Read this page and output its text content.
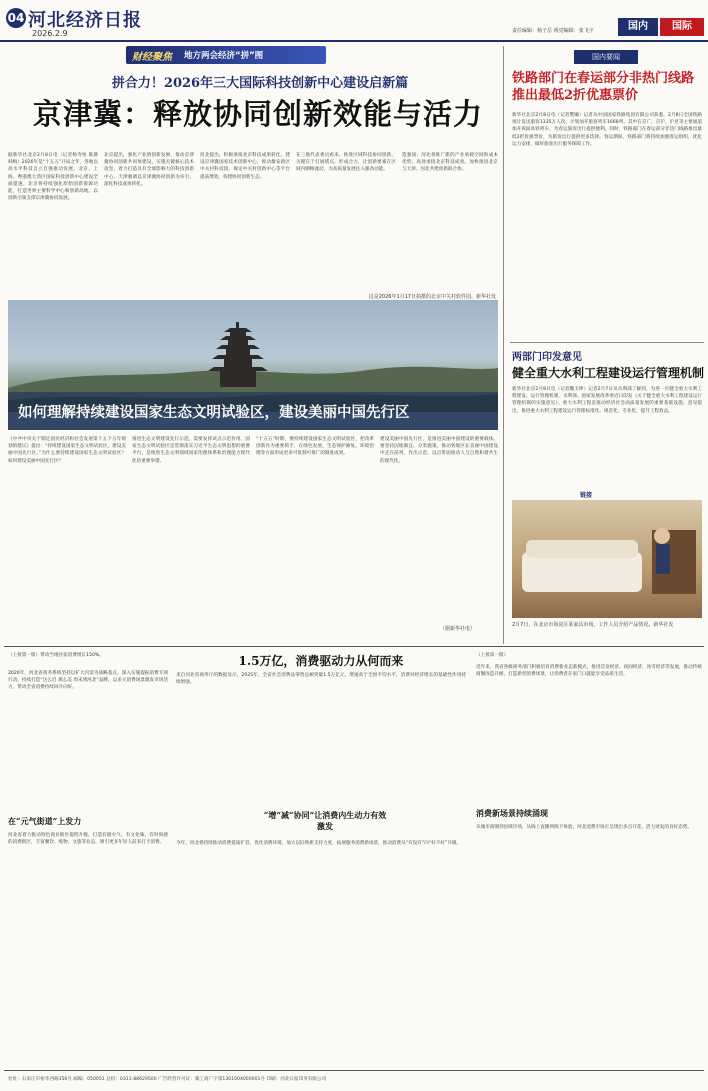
04 河北经济日报
2026.2.9	责任编辑：杨子岳 视觉编辑：张飞宇	国内	国际
财经聚焦 地方两会经济“拼”图
拼合力！2026年三大国际科技创新中心建设启新篇
京津冀：释放协同创新效能与活力
据新华社北京2月8日电（记者杨寿恒 陈静 韩梅）2026年是“十五五”开局之年，各地以高水平科技自立自强推动发展。北京、上海、粤港澳大湾区国际科技创新中心建设全面提速，北京将持续强化原始创新策源功能，打造世界主要科学中心和创新高地，以创新引领支撑京津冀协同发展。
北京提出，强化产业链创新发展，推动京津冀协同创新共同体建设，实施关键核心技术攻坚，着力打造具有全球影响力的科技创新中心。天津强调以京津冀协同创新为牵引，深化科技成果转化。
河北提出，积极承接北京科技成果转化，建设京津冀国家技术创新中心，推动雄安新区中关村科技园、保定中关村创新中心等平台提质增效，构建协同创新生态。
在三地代表委员看来，推进区域科技协同创新，关键在于打通堵点、形成合力，让创新要素在区域内顺畅流动，为高质量发展注入强劲动能。
造强国；河北将推广新的产业承载空间和成本优势，高效承接北京科技成果。加快推进北京与天津、河北共建创新联合体。
这是2026年1月17日拍摄的北京中关村软件园。新华社发
如何理解持续建设国家生态文明试验区，建设美丽中国先行区
《中共中央关于制定国民经济和社会发展第十五个五年规划的建议》提出：“持续建设国家生态文明试验区，建设美丽中国先行区。”为什么要持续建设国家生态文明试验区？如何建设美丽中国先行区？
推进生态文明建设先行示范，需要发挥试点示范作用。国家生态文明试验区是贯彻落实习近平生态文明思想的重要平台，是推进生态文明领域国家治理体系和治理能力现代化的重要举措。
“十五五”时期，要持续建设国家生态文明试验区，把改革创新作为重要抓手，在绿色发展、生态保护修复、环境治理等方面形成更多可复制可推广的制度成果。
建设美丽中国先行区，是推进美丽中国建设的重要载体。要坚持因地制宜、分类施策，推动各地区在美丽中国建设中走在前列、作出示范，以点带面推动人与自然和谐共生的现代化。
（据新华社电）
国内要闻
铁路部门在春运部分非热门线路推出最低2折优惠票价
新华社北京2月8日电（记者樊曦）记者从中国国家铁路集团有限公司获悉，2月8日全国铁路预计发送旅客1335万人次，计划加开旅客列车1668列。其中在京广、京沪、沪昆等主要通道加开夜间高铁列车，为春运旅客出行提供便利。同时，铁路部门在春运部分非热门线路推出最低2折优惠票价，为旅客出行提供更多选择。春运期间，铁路部门将持续加强客运组织，优化运力安排，做好旅客出行服务保障工作。
两部门印发意见
健全重大水利工程建设运行管理机制
新华社北京2月8日电（记者魏玉坤）记者2月7日从水利部了解到，为进一步健全重大水利工程建设、运行管理机制，水利部、国家发展改革委近日印发《关于健全重大水利工程建设运行管理机制的实施意见》。重大水利工程是推动经济社会高质量发展的重要基础设施。意见提出，推进重大水利工程建设运行管理标准化、规范化、专业化，提升工程效益。
链接
2月7日，在北京市海淀区某家具市场，工作人员介绍产品情况。新华社发
（上接第一版）带动当地住宿消费增长150%。
2026年，河北省商务系统坚持以扩大内需为战略基点，深入实施提振消费专项行动，持续打造“这么近 那么美 周末到河北”品牌，以多元消费场景激发市场活力，带动全省消费持续回升向好。
在“元气街道”上发力
河北省着力推动特色商业街区提档升级，打造有烟火气、有文化味、有时尚感的消费街区，丰富餐饮、购物、文旅等业态，吸引更多年轻人前来打卡消费。
1.5万亿，消费驱动力从何而来
来自河北省商务厅的数据显示，2025年，全省社会消费品零售总额突破1.5万亿元，增速高于全国平均水平，消费对经济增长的基础性作用持续增强。
“增”减“协同”让消费内生动力有效激发
今年，河北将持续推动消费提质扩容，优化消费环境，加大以旧换新支持力度，拓展服务消费新场景，推动消费从“有没有”向“好不好”升级。
（上接第一版）
近年来，我省各级商务部门积极培育消费新业态新模式，推进首发经济、夜间经济、冰雪经济等发展，推动传统商圈改造升级，打造新型消费场景，让消费者在家门口就能享受品质生活。
消费新场景持续涌现
从城市商圈到县域市场，从线上直播到线下体验，河北消费市场正呈现出多点开花、活力迸发的良好态势。
社址：石家庄市裕华西路356号 邮编：050051 总机：0311-88629500 广告经营许可证：冀工商广字第1301004000001号 印刷：河北日报印务有限公司
